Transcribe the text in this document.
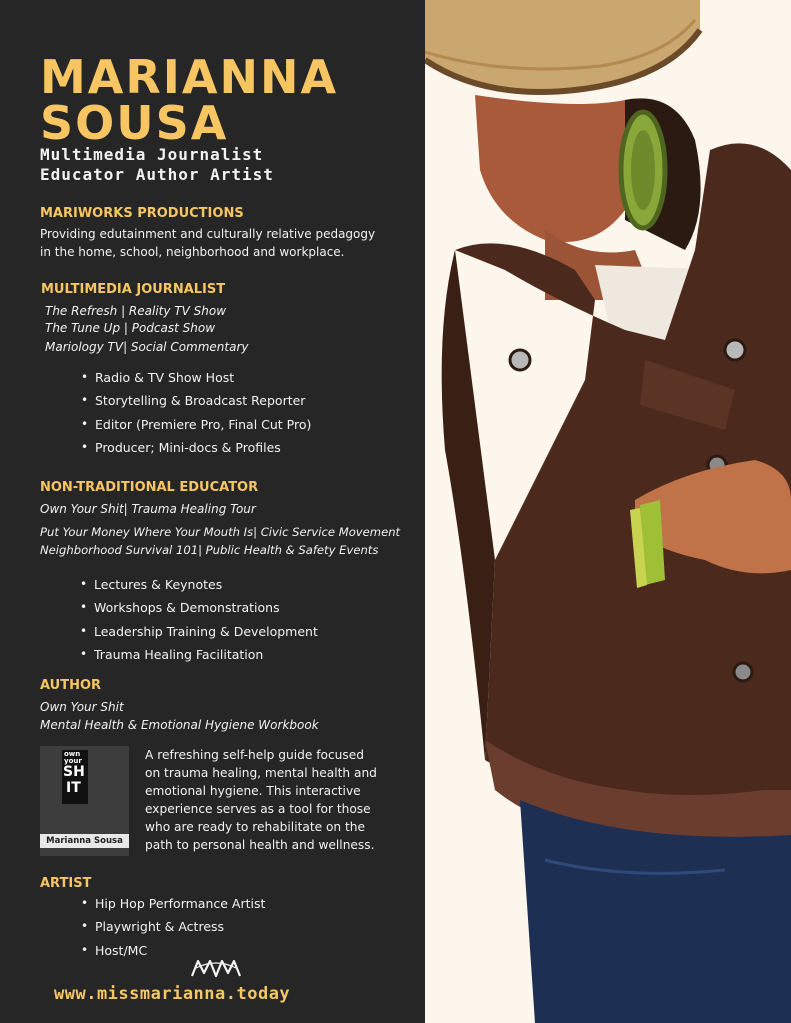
MARIANNA
SOUSA
Multimedia Journalist
Educator Author Artist
MARIWORKS PRODUCTIONS
Providing edutainment and culturally relative pedagogy
in the home, school, neighborhood and workplace.
MULTIMEDIA JOURNALIST
The Refresh | Reality TV Show
The Tune Up | Podcast Show
Mariology TV| Social Commentary
• Radio & TV Show Host
• Storytelling & Broadcast Reporter
• Editor (Premiere Pro, Final Cut Pro)
• Producer; Mini-docs & Profiles
NON-TRADITIONAL EDUCATOR
Own Your Shit| Trauma Healing Tour
Put Your Money Where Your Mouth Is| Civic Service Movement
Neighborhood Survival 101| Public Health & Safety Events
• Lectures & Keynotes
• Workshops & Demonstrations
• Leadership Training & Development
• Trauma Healing Facilitation
AUTHOR
Own Your Shit
Mental Health & Emotional Hygiene Workbook
own
your
SH
IT
Marianna Sousa
A refreshing self-help guide focused
on trauma healing, mental health and
emotional hygiene. This interactive
experience serves as a tool for those
who are ready to rehabilitate on the
path to personal health and wellness.
ARTIST
• Hip Hop Performance Artist
• Playwright & Actress
• Host/MC
www.missmarianna.today
